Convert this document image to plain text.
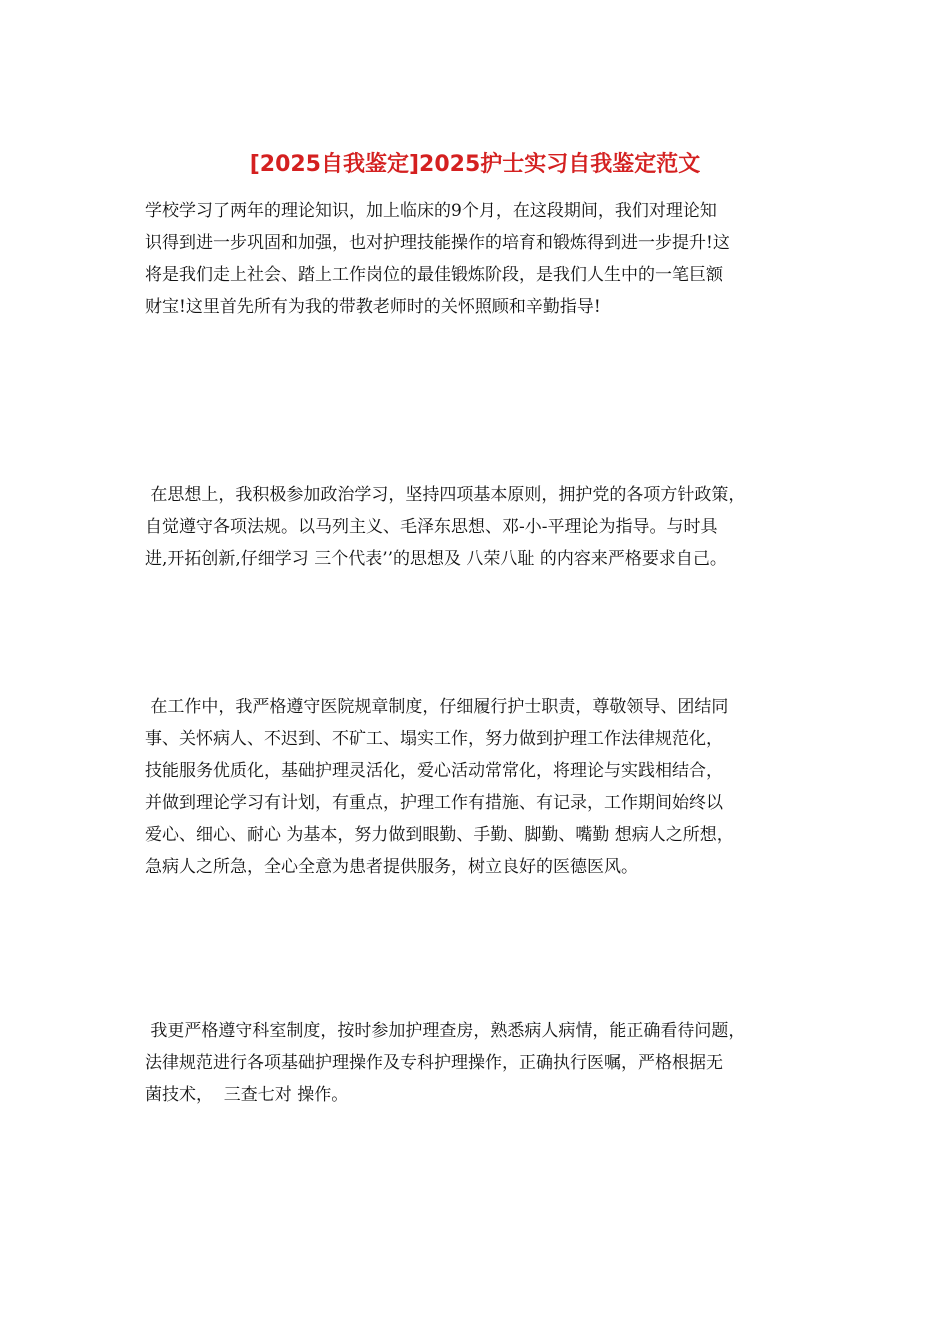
[2025自我鉴定]2025护士实习自我鉴定范文
学校学习了两年的理论知识，加上临床的9个月，在这段期间，我们对理论知
识得到进一步巩固和加强，也对护理技能操作的培育和锻炼得到进一步提升!这
将是我们走上社会、踏上工作岗位的最佳锻炼阶段，是我们人生中的一笔巨额
财宝!这里首先所有为我的带教老师时的关怀照顾和辛勤指导!
在思想上，我积极参加政治学习，坚持四项基本原则，拥护党的各项方针政策，
自觉遵守各项法规。以马列主义、毛泽东思想、邓-小-平理论为指导。与时具
进,开拓创新,仔细学习 三个代表’’的思想及 八荣八耻 的内容来严格要求自己。
在工作中，我严格遵守医院规章制度，仔细履行护士职责，尊敬领导、团结同
事、关怀病人、不迟到、不矿工、塌实工作，努力做到护理工作法律规范化，
技能服务优质化，基础护理灵活化，爱心活动常常化，将理论与实践相结合，
并做到理论学习有计划，有重点，护理工作有措施、有记录，工作期间始终以
爱心、细心、耐心 为基本，努力做到眼勤、手勤、脚勤、嘴勤 想病人之所想，
急病人之所急，全心全意为患者提供服务，树立良好的医德医风。
我更严格遵守科室制度，按时参加护理查房，熟悉病人病情，能正确看待问题，
法律规范进行各项基础护理操作及专科护理操作，正确执行医嘱，严格根据无
菌技术，  三查七对 操作。
